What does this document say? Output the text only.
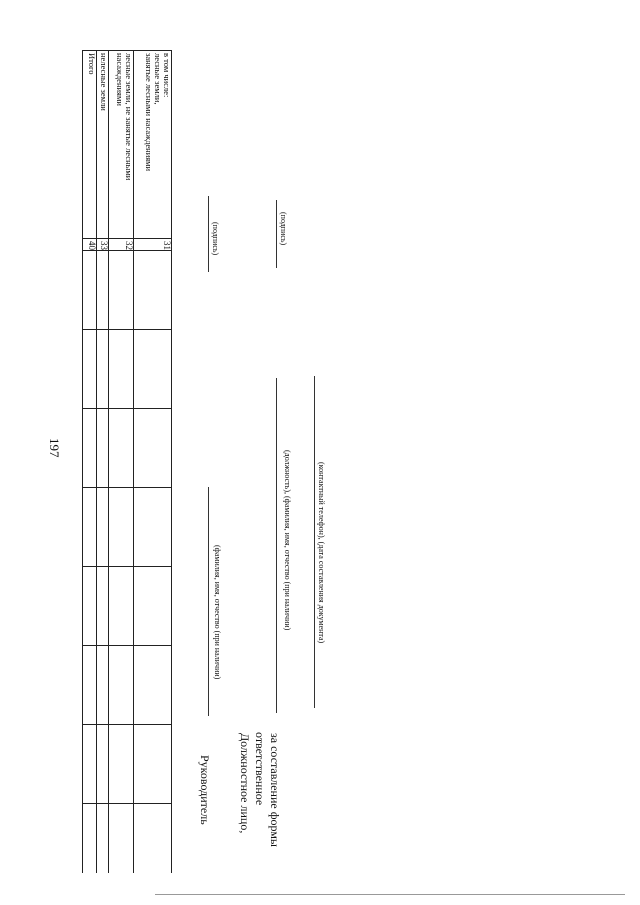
197
в том числе:
лесные земли,
занятые лесными насаждениями	31								

лесные земли, не занятые лесными
насаждениями	32								

нелесные земли	33								

Итого	40								
Руководитель
(фамилия, имя, отчество (при наличии)
(подпись)
Должностное лицо, ответственное за составление формы
(должность), (фамилия, имя, отчество (при наличии)
(подпись)
(контактный телефон), (дата составления документа)
